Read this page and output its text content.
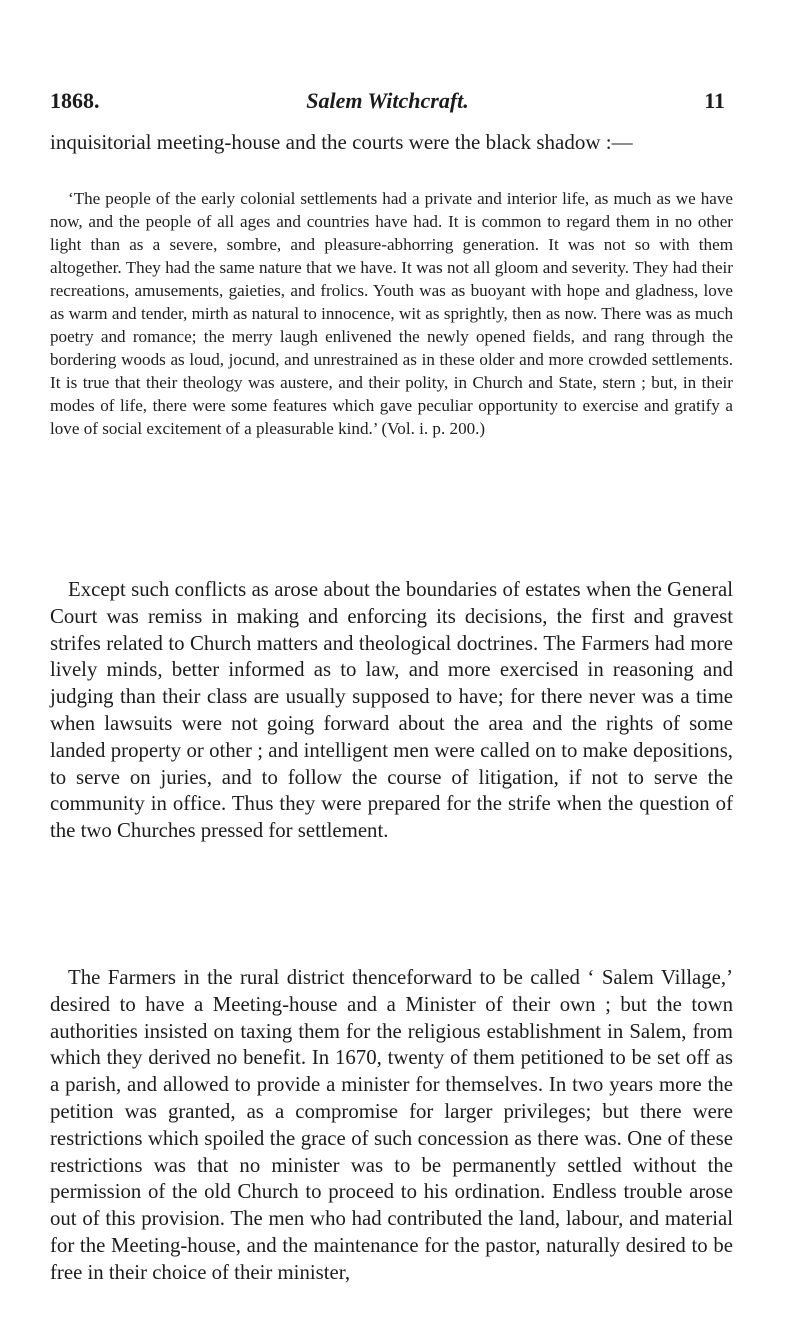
1868.	Salem Witchcraft.	11

inquisitorial meeting-house and the courts were the black shadow :—

‘The people of the early colonial settlements had a private and interior life, as much as we have now, and the people of all ages and countries have had. It is common to regard them in no other light than as a severe, sombre, and pleasure-abhorring generation. It was not so with them altogether. They had the same nature that we have. It was not all gloom and severity. They had their recreations, amusements, gaieties, and frolics. Youth was as buoyant with hope and gladness, love as warm and tender, mirth as natural to innocence, wit as sprightly, then as now. There was as much poetry and romance; the merry laugh enlivened the newly opened fields, and rang through the bordering woods as loud, jocund, and unrestrained as in these older and more crowded settlements. It is true that their theology was austere, and their polity, in Church and State, stern ; but, in their modes of life, there were some features which gave peculiar opportunity to exercise and gratify a love of social excitement of a pleasurable kind.’ (Vol. i. p. 200.)

Except such conflicts as arose about the boundaries of estates when the General Court was remiss in making and enforcing its decisions, the first and gravest strifes related to Church matters and theological doctrines. The Farmers had more lively minds, better informed as to law, and more exercised in reasoning and judging than their class are usually supposed to have; for there never was a time when lawsuits were not going forward about the area and the rights of some landed property or other ; and intelligent men were called on to make depositions, to serve on juries, and to follow the course of litigation, if not to serve the community in office. Thus they were prepared for the strife when the question of the two Churches pressed for settlement.

The Farmers in the rural district thenceforward to be called ‘ Salem Village,’ desired to have a Meeting-house and a Minister of their own ; but the town authorities insisted on taxing them for the religious establishment in Salem, from which they derived no benefit. In 1670, twenty of them petitioned to be set off as a parish, and allowed to provide a minister for themselves. In two years more the petition was granted, as a compromise for larger privileges; but there were restrictions which spoiled the grace of such concession as there was. One of these restrictions was that no minister was to be permanently settled without the permission of the old Church to proceed to his ordination. Endless trouble arose out of this provision. The men who had contributed the land, labour, and material for the Meeting-house, and the maintenance for the pastor, naturally desired to be free in their choice of their minister,
